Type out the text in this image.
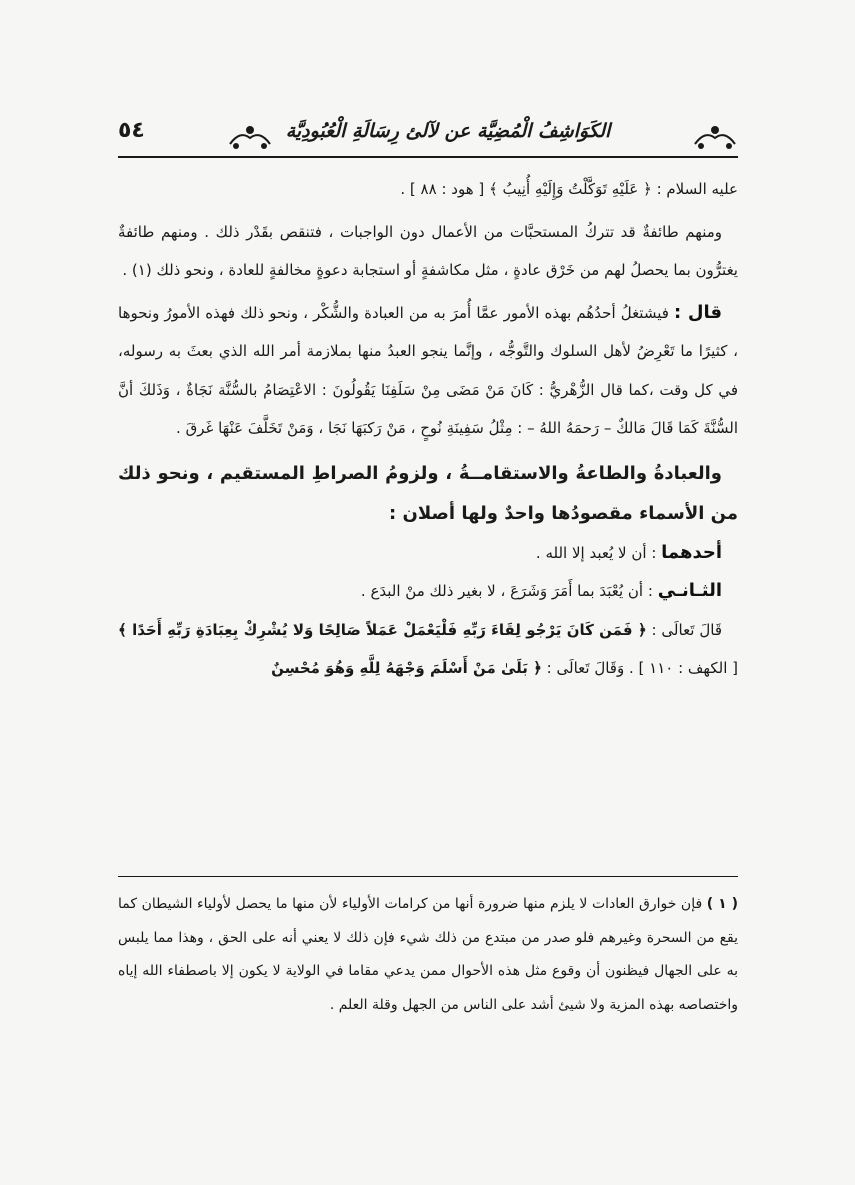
٥٤	الكَوَاشِفُ الْمُضِيَّة عن لآلئ رِسَالَةِ الْعُبُودِيَّة

عليه السلام : ﴿ عَلَيْهِ تَوَكَّلْتُ وَإِلَيْهِ أُنِيبُ ﴾ [ هود : ٨٨ ] .

ومنهم طائفةٌ قد تتركُ المستحبَّات من الأعمال دون الواجبات ، فتنقص بقَدْر ذلك . ومنهم طائفةٌ يغترُّون بما يحصلُ لهم من خَرْق عادةٍ ، مثل مكاشفةٍ أو استجابة دعوةٍ مخالفةٍ للعادة ، ونحو ذلك (١) .

قال : فيشتغلُ أحدُهُم بهذه الأمور عمَّا أُمرَ به من العبادة والشُّكْر ، ونحو ذلك فهذه الأمورُ ونحوها ، كثيرًا ما تَعْرِضُ لأهل السلوك والتَّوجُّه ، وإنَّما ينجو العبدُ منها بملازمة أمر الله الذي بعثَ به رسوله، في كل وقت ،كما قال الزُّهْريُّ : كَانَ مَنْ مَضَى مِنْ سَلَفِنَا يَقُولُونَ : الاعْتِصَامُ بالسُّنَّة نَجَاةٌ ، وَذَلكَ أنَّ السُّنَّةَ كَمَا قَالَ مَالكٌ – رَحمَهُ اللهُ – : مِثْلُ سَفِينَةِ نُوحٍ ، مَنْ رَكبَهَا نَجَا ، وَمَنْ تَخَلَّفَ عَنْهَا غَرقَ .

والعبادةُ والطاعةُ والاستقامــةُ ، ولزومُ الصراطِ المستقيم ، ونحو ذلك من الأسماء مقصودُها واحدٌ ولها أصلان :

أحدهما : أن لا يُعبد إلا الله .

الثـانـي : أن يُعْبَدَ بما أَمَرَ وَشَرَعَ ، لا بغير ذلك منْ البدَع .

قَالَ تَعالَى : ﴿ فَمَن كَانَ يَرْجُو لِقَاءَ رَبِّهِ فَلْيَعْمَلْ عَمَلاً صَالِحًا وَلا يُشْرِكْ بِعِبَادَةِ رَبِّهِ أَحَدًا ﴾ [ الكهف : ١١٠ ] . وَقَالَ تَعالَى : ﴿ بَلَىٰ مَنْ أَسْلَمَ وَجْهَهُ لِلَّهِ وَهُوَ مُحْسِنٌ

( ١ ) فإن خوارق العادات لا يلزم منها ضرورة أنها من كرامات الأولياء لأن منها ما يحصل لأولياء الشيطان كما يقع من السحرة وغيرهم فلو صدر من مبتدع من ذلك شيء فإن ذلك لا يعني أنه على الحق ، وهذا مما يلبس به على الجهال فيظنون أن وقوع مثل هذه الأحوال ممن يدعي مقاما في الولاية لا يكون إلا باصطفاء الله إياه واختصاصه بهذه المزية ولا شيئ أشد على الناس من الجهل وقلة العلم .
